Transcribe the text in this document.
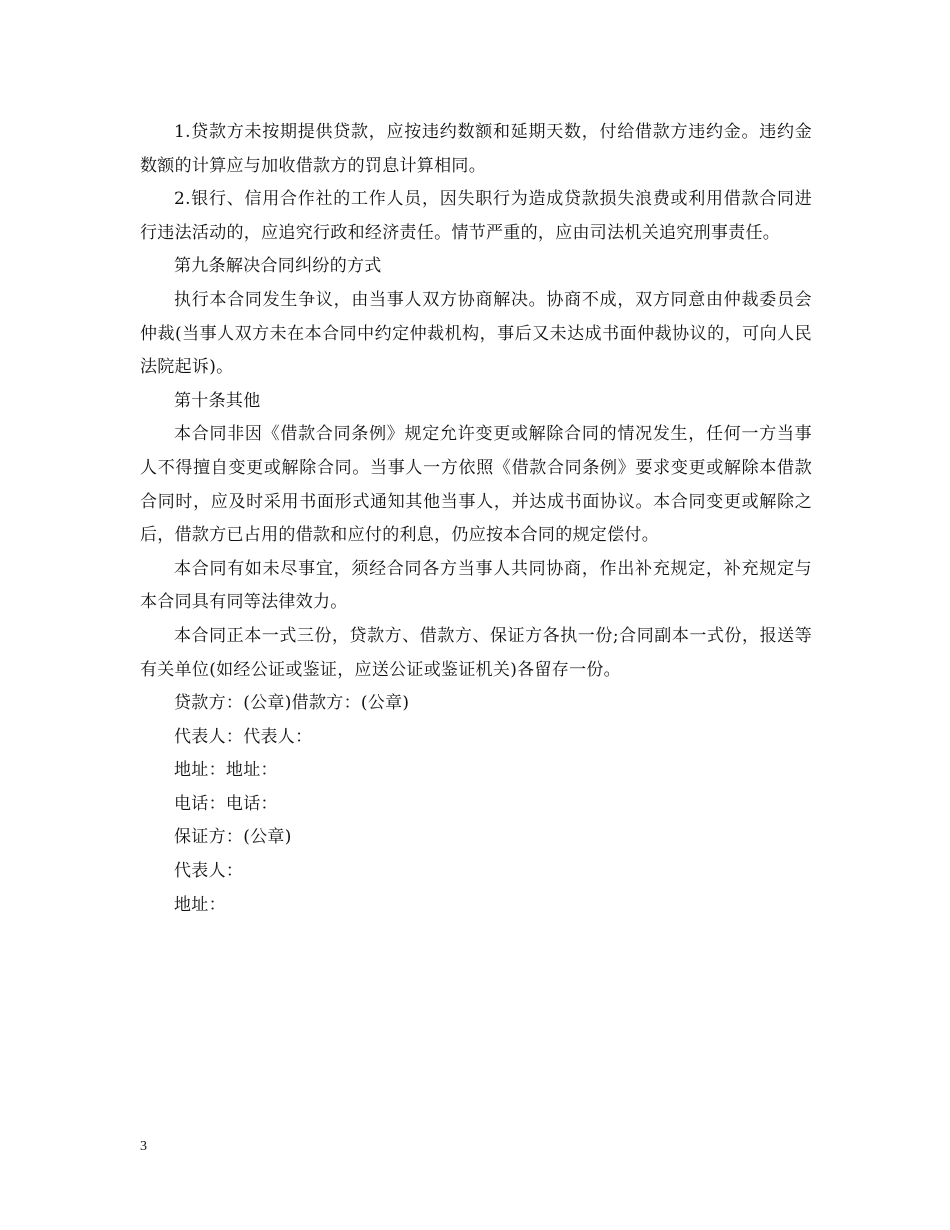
1.贷款方未按期提供贷款，应按违约数额和延期天数，付给借款方违约金。违约金数额的计算应与加收借款方的罚息计算相同。

2.银行、信用合作社的工作人员，因失职行为造成贷款损失浪费或利用借款合同进行违法活动的，应追究行政和经济责任。情节严重的，应由司法机关追究刑事责任。

第九条解决合同纠纷的方式

执行本合同发生争议，由当事人双方协商解决。协商不成，双方同意由仲裁委员会仲裁(当事人双方未在本合同中约定仲裁机构，事后又未达成书面仲裁协议的，可向人民法院起诉)。

第十条其他

本合同非因《借款合同条例》规定允许变更或解除合同的情况发生，任何一方当事人不得擅自变更或解除合同。当事人一方依照《借款合同条例》要求变更或解除本借款合同时，应及时采用书面形式通知其他当事人，并达成书面协议。本合同变更或解除之后，借款方已占用的借款和应付的利息，仍应按本合同的规定偿付。

本合同有如未尽事宜，须经合同各方当事人共同协商，作出补充规定，补充规定与本合同具有同等法律效力。

本合同正本一式三份，贷款方、借款方、保证方各执一份;合同副本一式份，报送等有关单位(如经公证或鉴证，应送公证或鉴证机关)各留存一份。

贷款方：(公章)借款方：(公章)

代表人：代表人：

地址：地址：

电话：电话：

保证方：(公章)

代表人：

地址：

3
